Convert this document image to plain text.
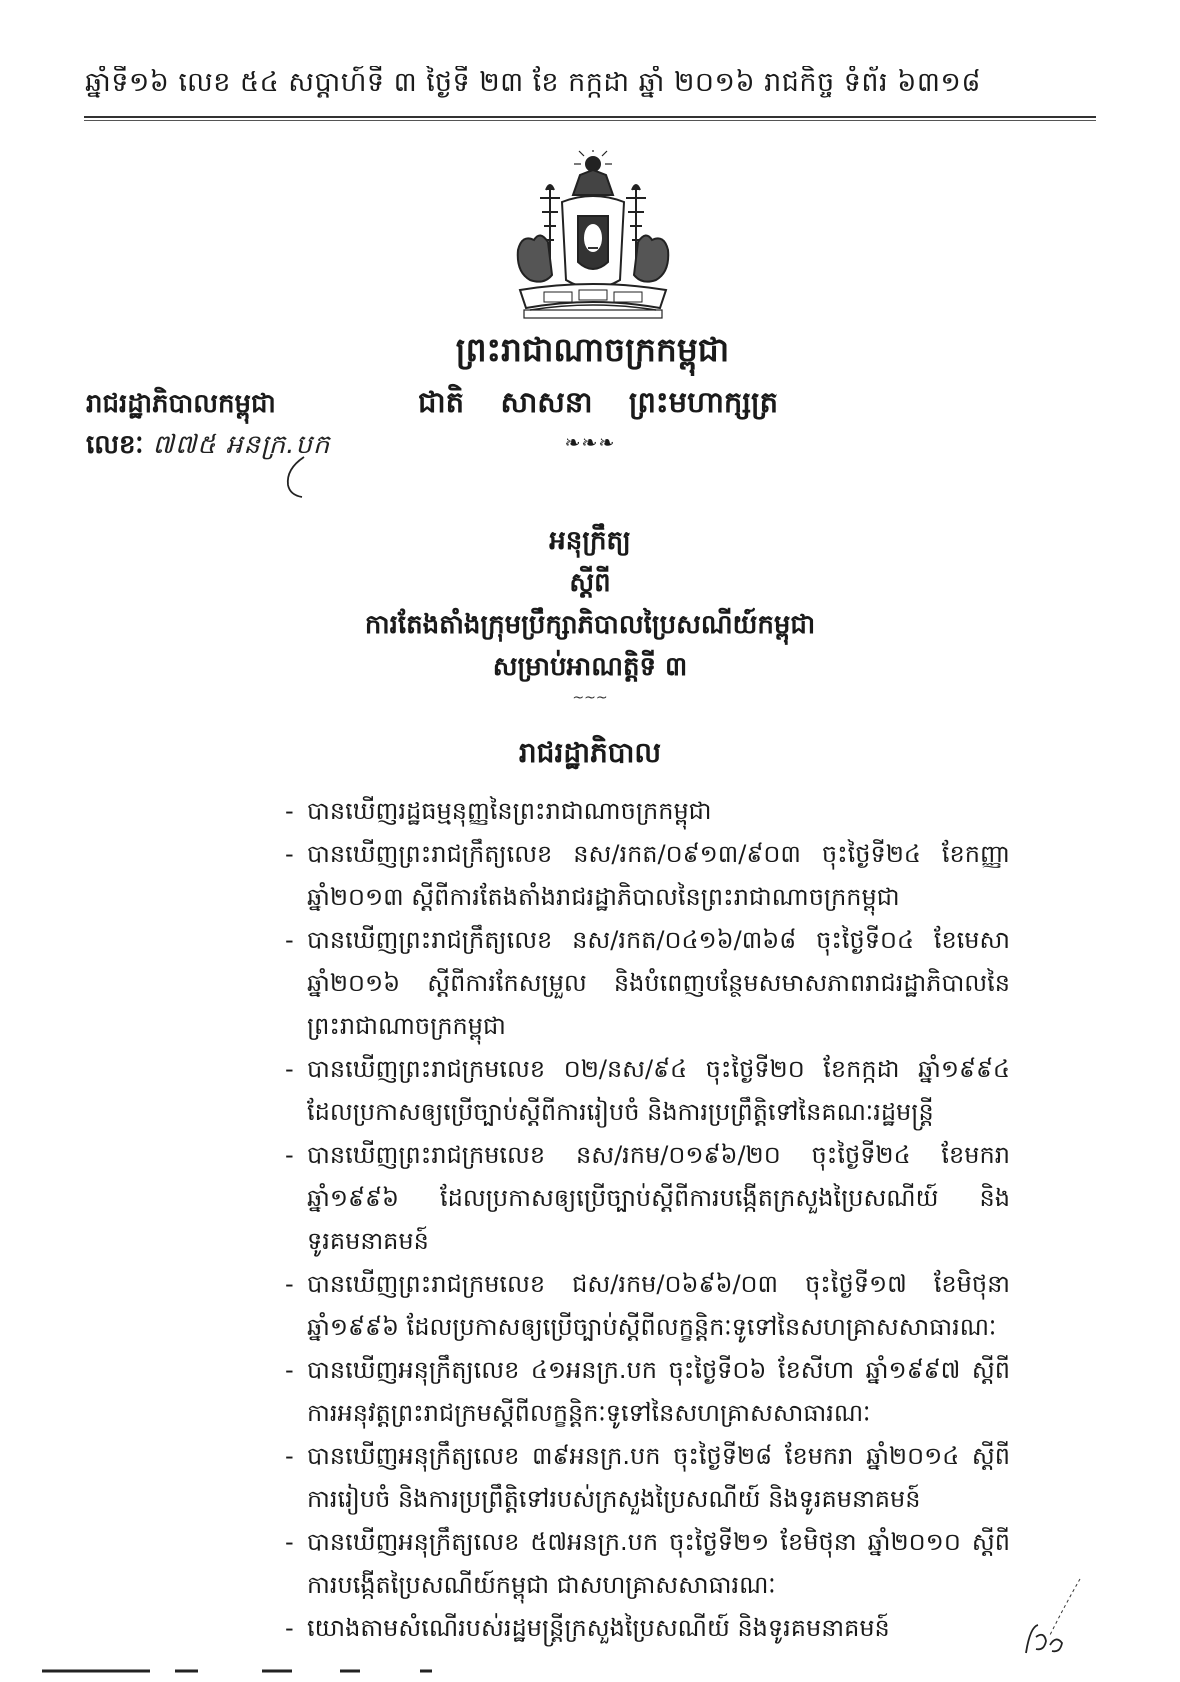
ឆ្នាំទី១៦ លេខ ៥៤ សប្តាហ៍ទី ៣ ថ្ងៃទី ២៣ ខែ កក្កដា ឆ្នាំ ២០១៦ រាជកិច្ច ទំព័រ ៦៣១៨
ព្រះរាជាណាចក្រកម្ពុជា
ជាតិ សាសនា ព្រះមហាក្សត្រ
❧❧❧
រាជរដ្ឋាភិបាលកម្ពុជា
លេខៈ ៧៧៥ អនក្រ.បក
អនុក្រឹត្យ
ស្តីពី
ការតែងតាំងក្រុមប្រឹក្សាភិបាលប្រៃសណីយ៍កម្ពុជា
សម្រាប់អាណត្តិទី ៣
~~~
រាជរដ្ឋាភិបាល
- បានឃើញរដ្ឋធម្មនុញ្ញនៃព្រះរាជាណាចក្រកម្ពុជា
- បានឃើញព្រះរាជក្រឹត្យលេខ នស/រកត/០៩១៣/៩០៣ ចុះថ្ងៃទី២៤ ខែកញ្ញា ឆ្នាំ២០១៣ ស្តីពីការតែងតាំងរាជរដ្ឋាភិបាលនៃព្រះរាជាណាចក្រកម្ពុជា
- បានឃើញព្រះរាជក្រឹត្យលេខ នស/រកត/០៤១៦/៣៦៨ ចុះថ្ងៃទី០៤ ខែមេសា ឆ្នាំ២០១៦ ស្តីពីការកែសម្រួល និងបំពេញបន្ថែមសមាសភាពរាជរដ្ឋាភិបាលនៃព្រះរាជាណាចក្រកម្ពុជា
- បានឃើញព្រះរាជក្រមលេខ ០២/នស/៩៤ ចុះថ្ងៃទី២០ ខែកក្កដា ឆ្នាំ១៩៩៤ ដែលប្រកាសឲ្យប្រើច្បាប់ស្តីពីការរៀបចំ និងការប្រព្រឹត្តិទៅនៃគណៈរដ្ឋមន្ត្រី
- បានឃើញព្រះរាជក្រមលេខ នស/រកម/០១៩៦/២០ ចុះថ្ងៃទី២៤ ខែមករា ឆ្នាំ១៩៩៦ ដែលប្រកាសឲ្យប្រើច្បាប់ស្តីពីការបង្កើតក្រសួងប្រៃសណីយ៍ និងទូរគមនាគមន៍
- បានឃើញព្រះរាជក្រមលេខ ជស/រកម/០៦៩៦/០៣ ចុះថ្ងៃទី១៧ ខែមិថុនា ឆ្នាំ១៩៩៦ ដែលប្រកាសឲ្យប្រើច្បាប់ស្តីពីលក្ខន្តិកៈទូទៅនៃសហគ្រាសសាធារណៈ
- បានឃើញអនុក្រឹត្យលេខ ៤១អនក្រ.បក ចុះថ្ងៃទី០៦ ខែសីហា ឆ្នាំ១៩៩៧ ស្តីពីការអនុវត្តព្រះរាជក្រមស្តីពីលក្ខន្តិកៈទូទៅនៃសហគ្រាសសាធារណៈ
- បានឃើញអនុក្រឹត្យលេខ ៣៩អនក្រ.បក ចុះថ្ងៃទី២៨ ខែមករា ឆ្នាំ២០១៤ ស្តីពីការរៀបចំ និងការប្រព្រឹត្តិទៅរបស់ក្រសួងប្រៃសណីយ៍ និងទូរគមនាគមន៍
- បានឃើញអនុក្រឹត្យលេខ ៥៧អនក្រ.បក ចុះថ្ងៃទី២១ ខែមិថុនា ឆ្នាំ២០១០ ស្តីពីការបង្កើតប្រៃសណីយ៍កម្ពុជា ជាសហគ្រាសសាធារណៈ
- យោងតាមសំណើរបស់រដ្ឋមន្ត្រីក្រសួងប្រៃសណីយ៍ និងទូរគមនាគមន៍
